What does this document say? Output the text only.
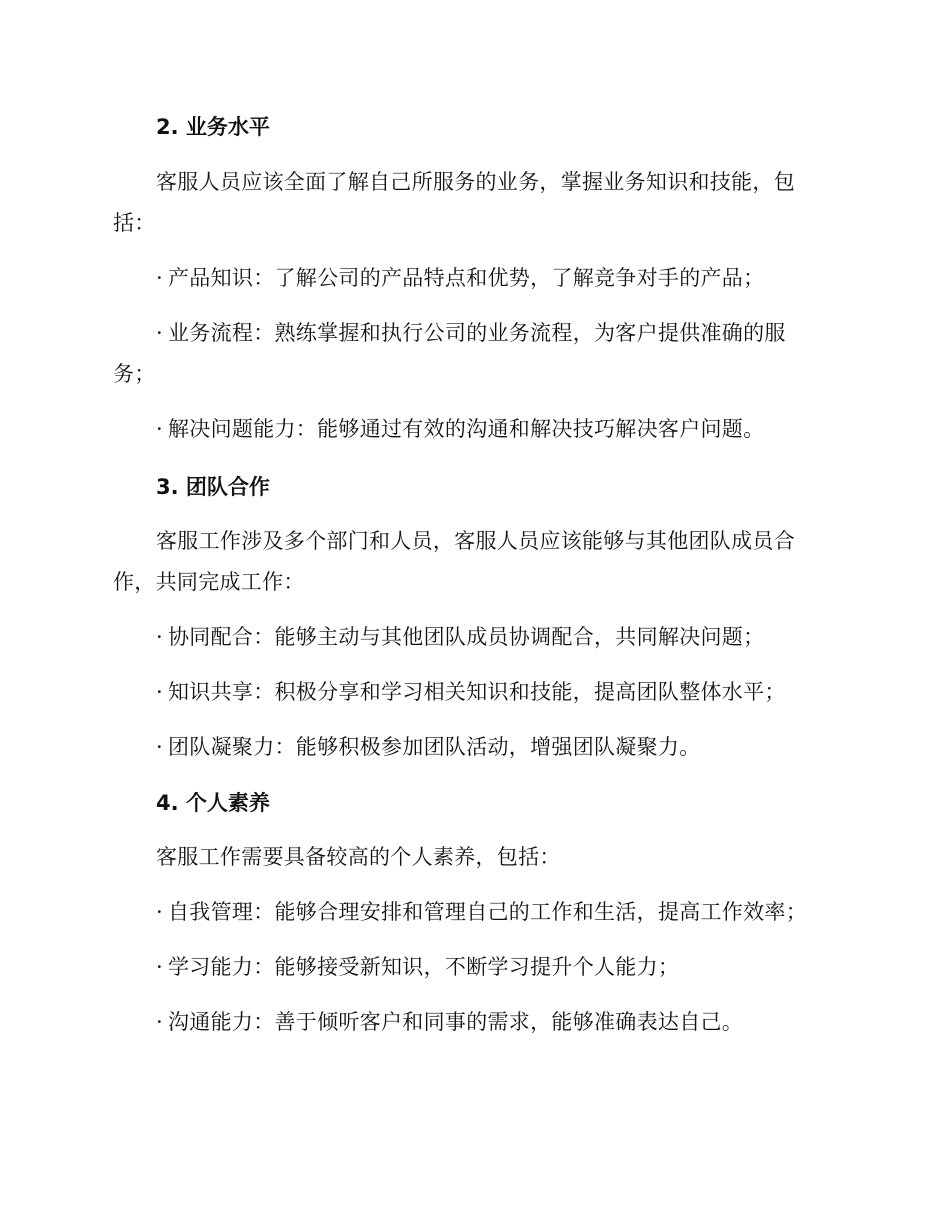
2. 业务水平
客服人员应该全面了解自己所服务的业务，掌握业务知识和技能，包括：
· 产品知识：了解公司的产品特点和优势，了解竞争对手的产品；
· 业务流程：熟练掌握和执行公司的业务流程，为客户提供准确的服务；
· 解决问题能力：能够通过有效的沟通和解决技巧解决客户问题。
3. 团队合作
客服工作涉及多个部门和人员，客服人员应该能够与其他团队成员合作，共同完成工作：
· 协同配合：能够主动与其他团队成员协调配合，共同解决问题；
· 知识共享：积极分享和学习相关知识和技能，提高团队整体水平；
· 团队凝聚力：能够积极参加团队活动，增强团队凝聚力。
4. 个人素养
客服工作需要具备较高的个人素养，包括：
· 自我管理：能够合理安排和管理自己的工作和生活，提高工作效率；
· 学习能力：能够接受新知识，不断学习提升个人能力；
· 沟通能力：善于倾听客户和同事的需求，能够准确表达自己。
